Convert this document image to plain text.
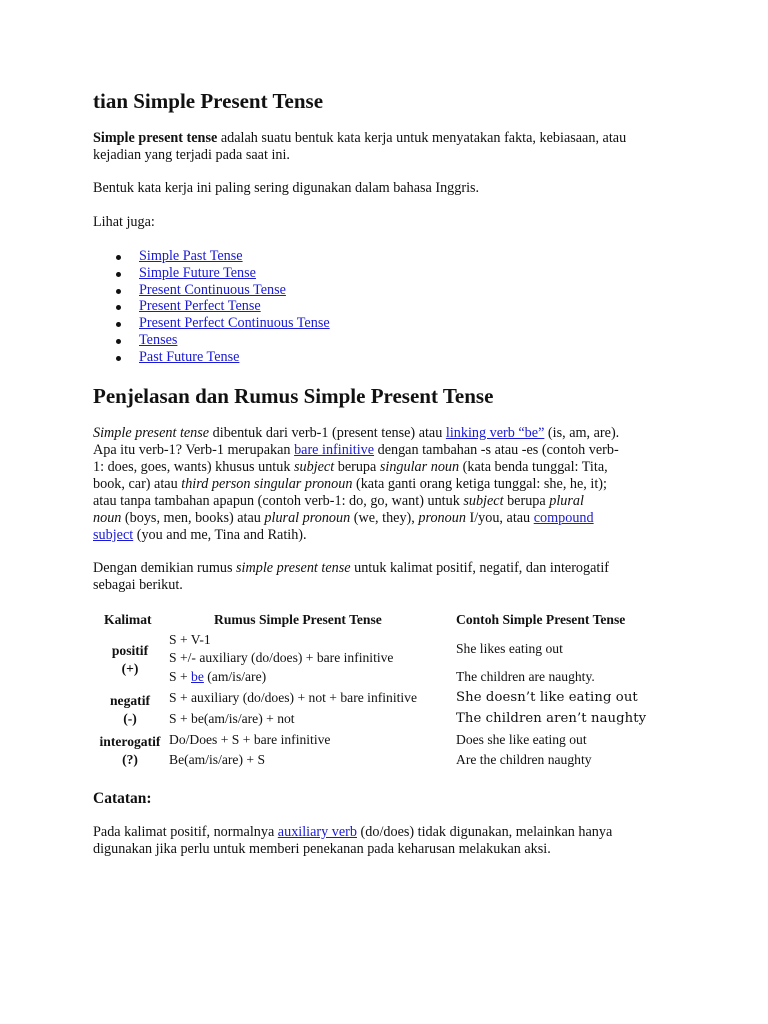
tian Simple Present Tense
Simple present tense adalah suatu bentuk kata kerja untuk menyatakan fakta, kebiasaan, atau
kejadian yang terjadi pada saat ini.
Bentuk kata kerja ini paling sering digunakan dalam bahasa Inggris.
Lihat juga:
Simple Past Tense
Simple Future Tense
Present Continuous Tense
Present Perfect Tense
Present Perfect Continuous Tense
Tenses
Past Future Tense
Penjelasan dan Rumus Simple Present Tense
Simple present tense dibentuk dari verb-1 (present tense) atau linking verb “be” (is, am, are).
Apa itu verb-1? Verb-1 merupakan bare infinitive dengan tambahan -s atau -es (contoh verb-
1: does, goes, wants) khusus untuk subject berupa singular noun (kata benda tunggal: Tita,
book, car) atau third person singular pronoun (kata ganti orang ketiga tunggal: she, he, it);
atau tanpa tambahan apapun (contoh verb-1: do, go, want) untuk subject berupa plural
noun (boys, men, books) atau plural pronoun (we, they), pronoun I/you, atau compound
subject (you and me, Tina and Ratih).
Dengan demikian rumus simple present tense untuk kalimat positif, negatif, dan interogatif
sebagai berikut.
Kalimat	Rumus Simple Present Tense	Contoh Simple Present Tense
positif
(+)
S + V-1
S +/- auxiliary (do/does) + bare infinitive
S + be (am/is/are)
She likes eating out
The children are naughty.
negatif
(-)
S + auxiliary (do/does) + not + bare infinitive
S + be(am/is/are) + not
She doesn’t like eating out
The children aren’t naughty
interogatif
(?)
Do/Does + S + bare infinitive
Be(am/is/are) + S
Does she like eating out
Are the children naughty
Catatan:
Pada kalimat positif, normalnya auxiliary verb (do/does) tidak digunakan, melainkan hanya
digunakan jika perlu untuk memberi penekanan pada keharusan melakukan aksi.
